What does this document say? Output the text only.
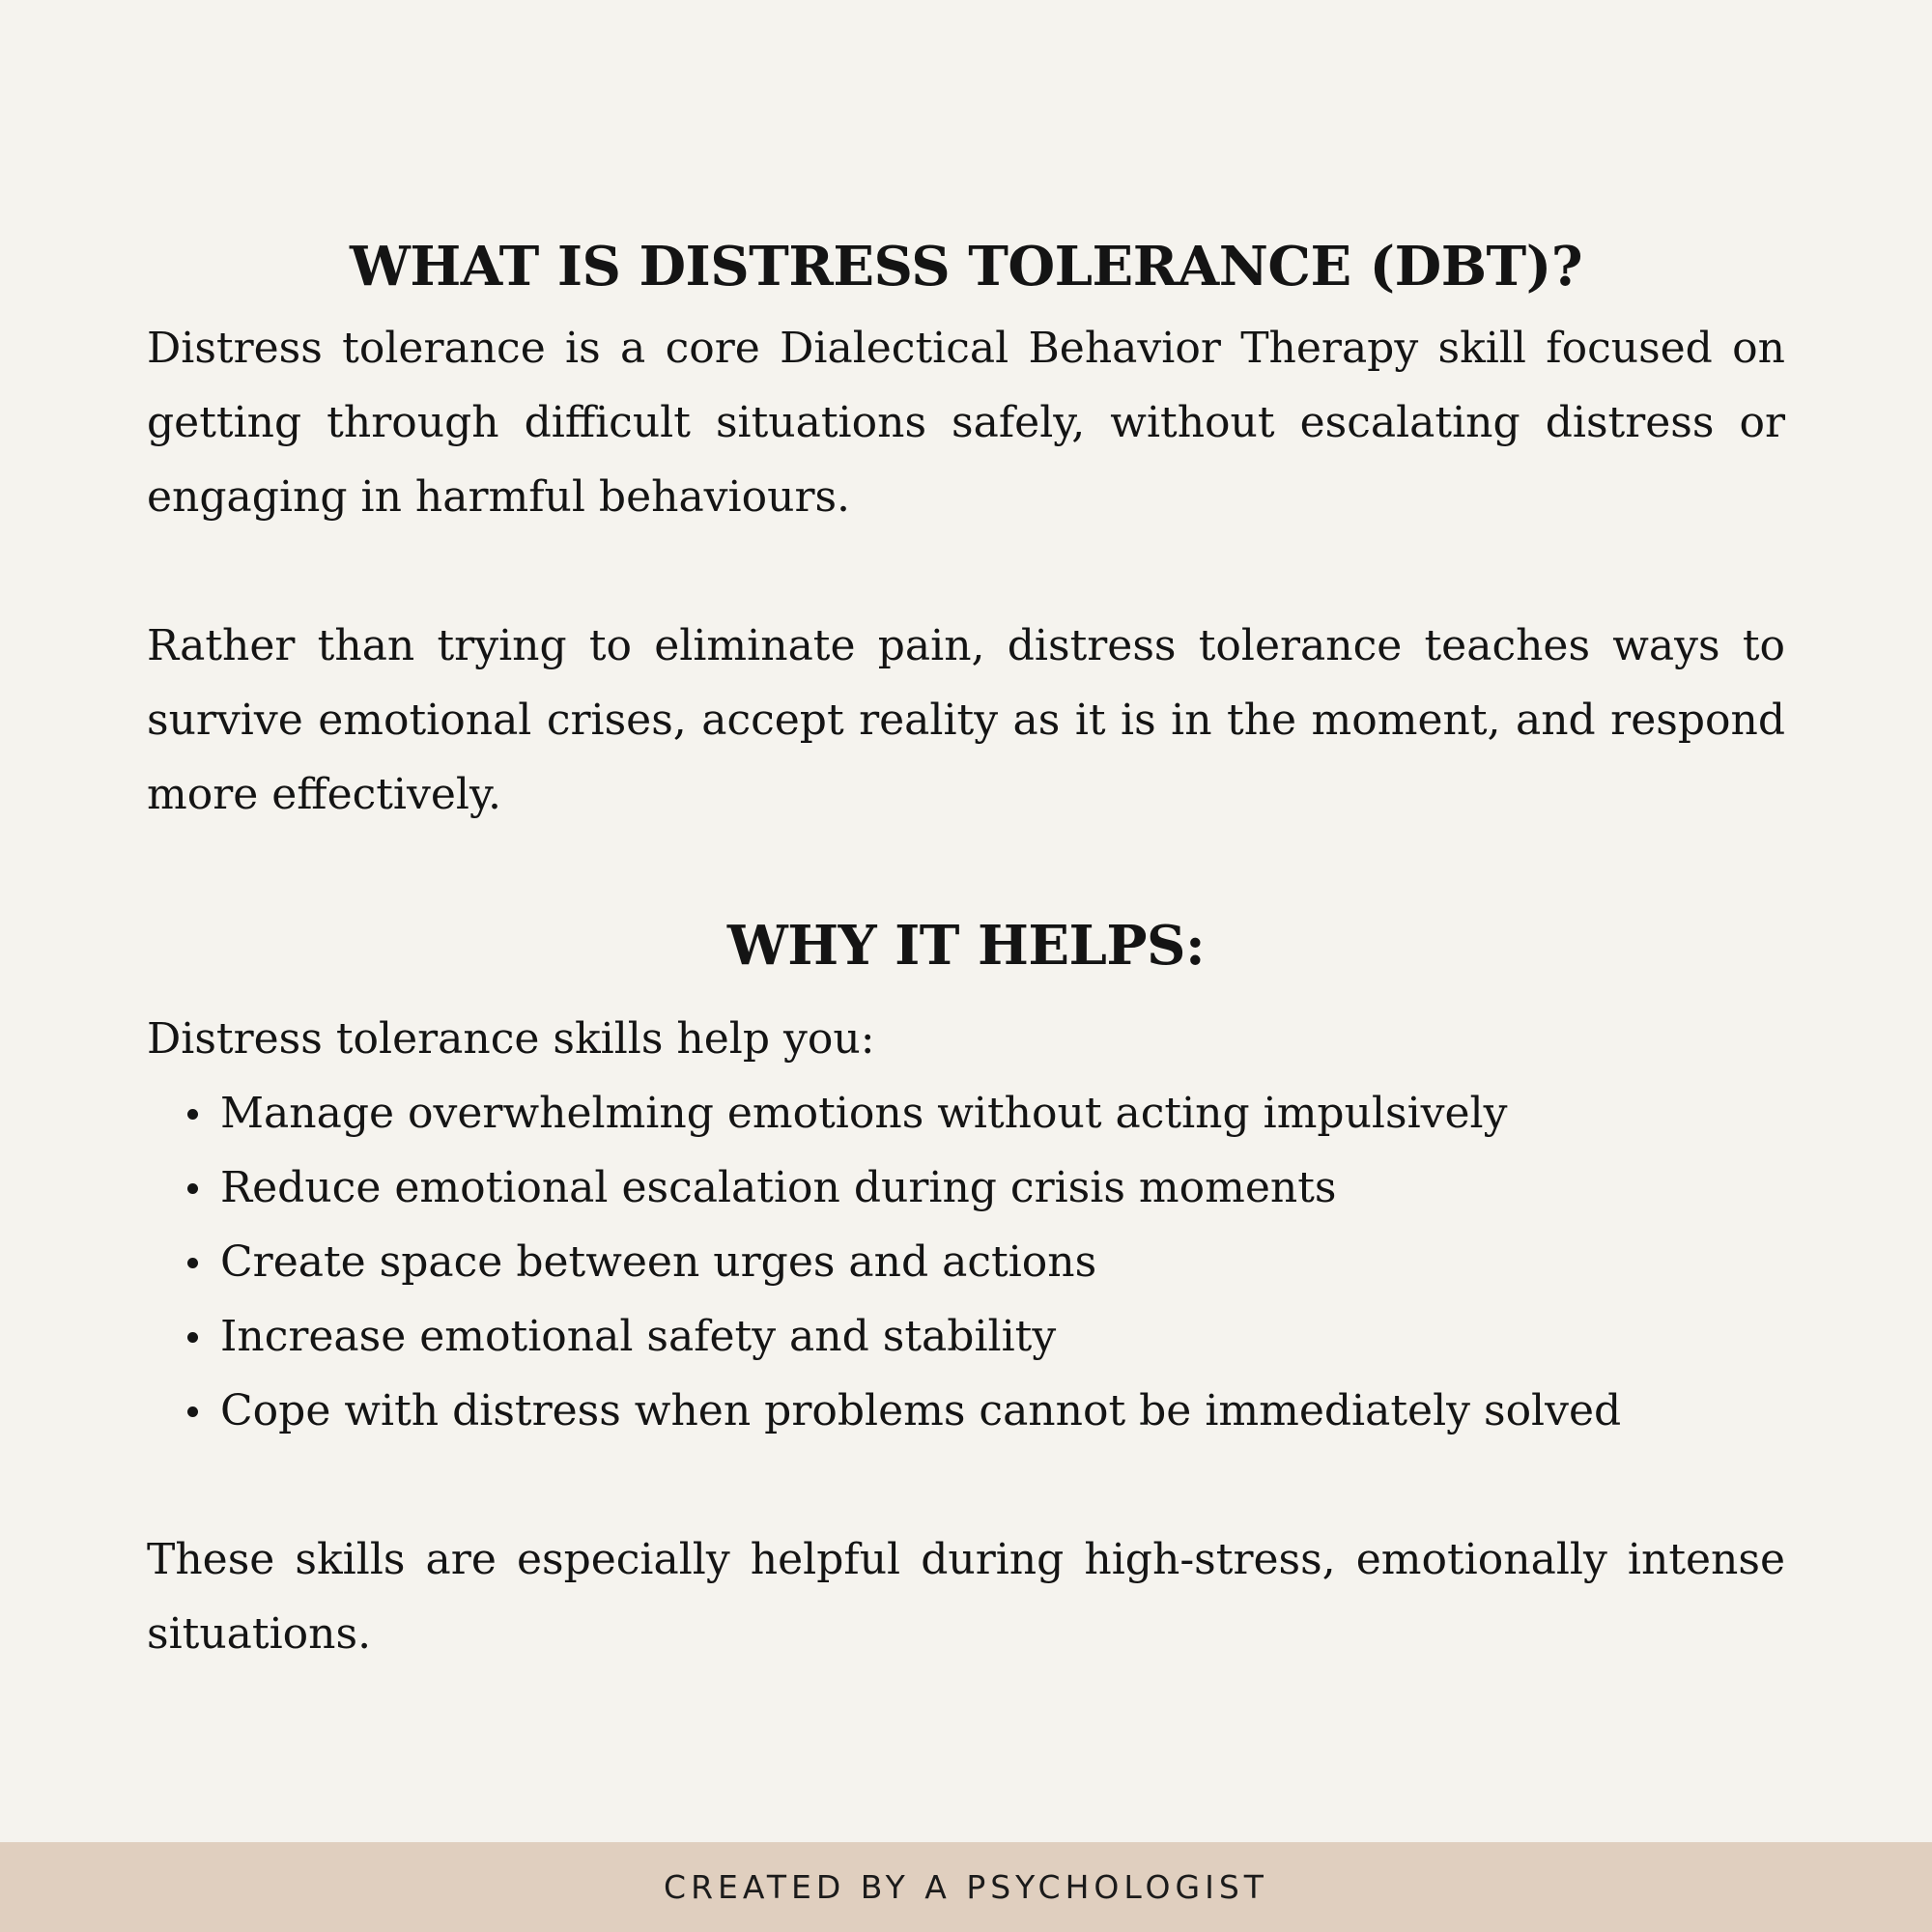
WHAT IS DISTRESS TOLERANCE (DBT)?

Distress tolerance is a core Dialectical Behavior Therapy skill focused on getting through difficult situations safely, without escalating distress or engaging in harmful behaviours.

Rather than trying to eliminate pain, distress tolerance teaches ways to survive emotional crises, accept reality as it is in the moment, and respond more effectively.

WHY IT HELPS:

Distress tolerance skills help you:

Manage overwhelming emotions without acting impulsively
Reduce emotional escalation during crisis moments
Create space between urges and actions
Increase emotional safety and stability
Cope with distress when problems cannot be immediately solved

These skills are especially helpful during high-stress, emotionally intense situations.

CREATED BY A PSYCHOLOGIST
